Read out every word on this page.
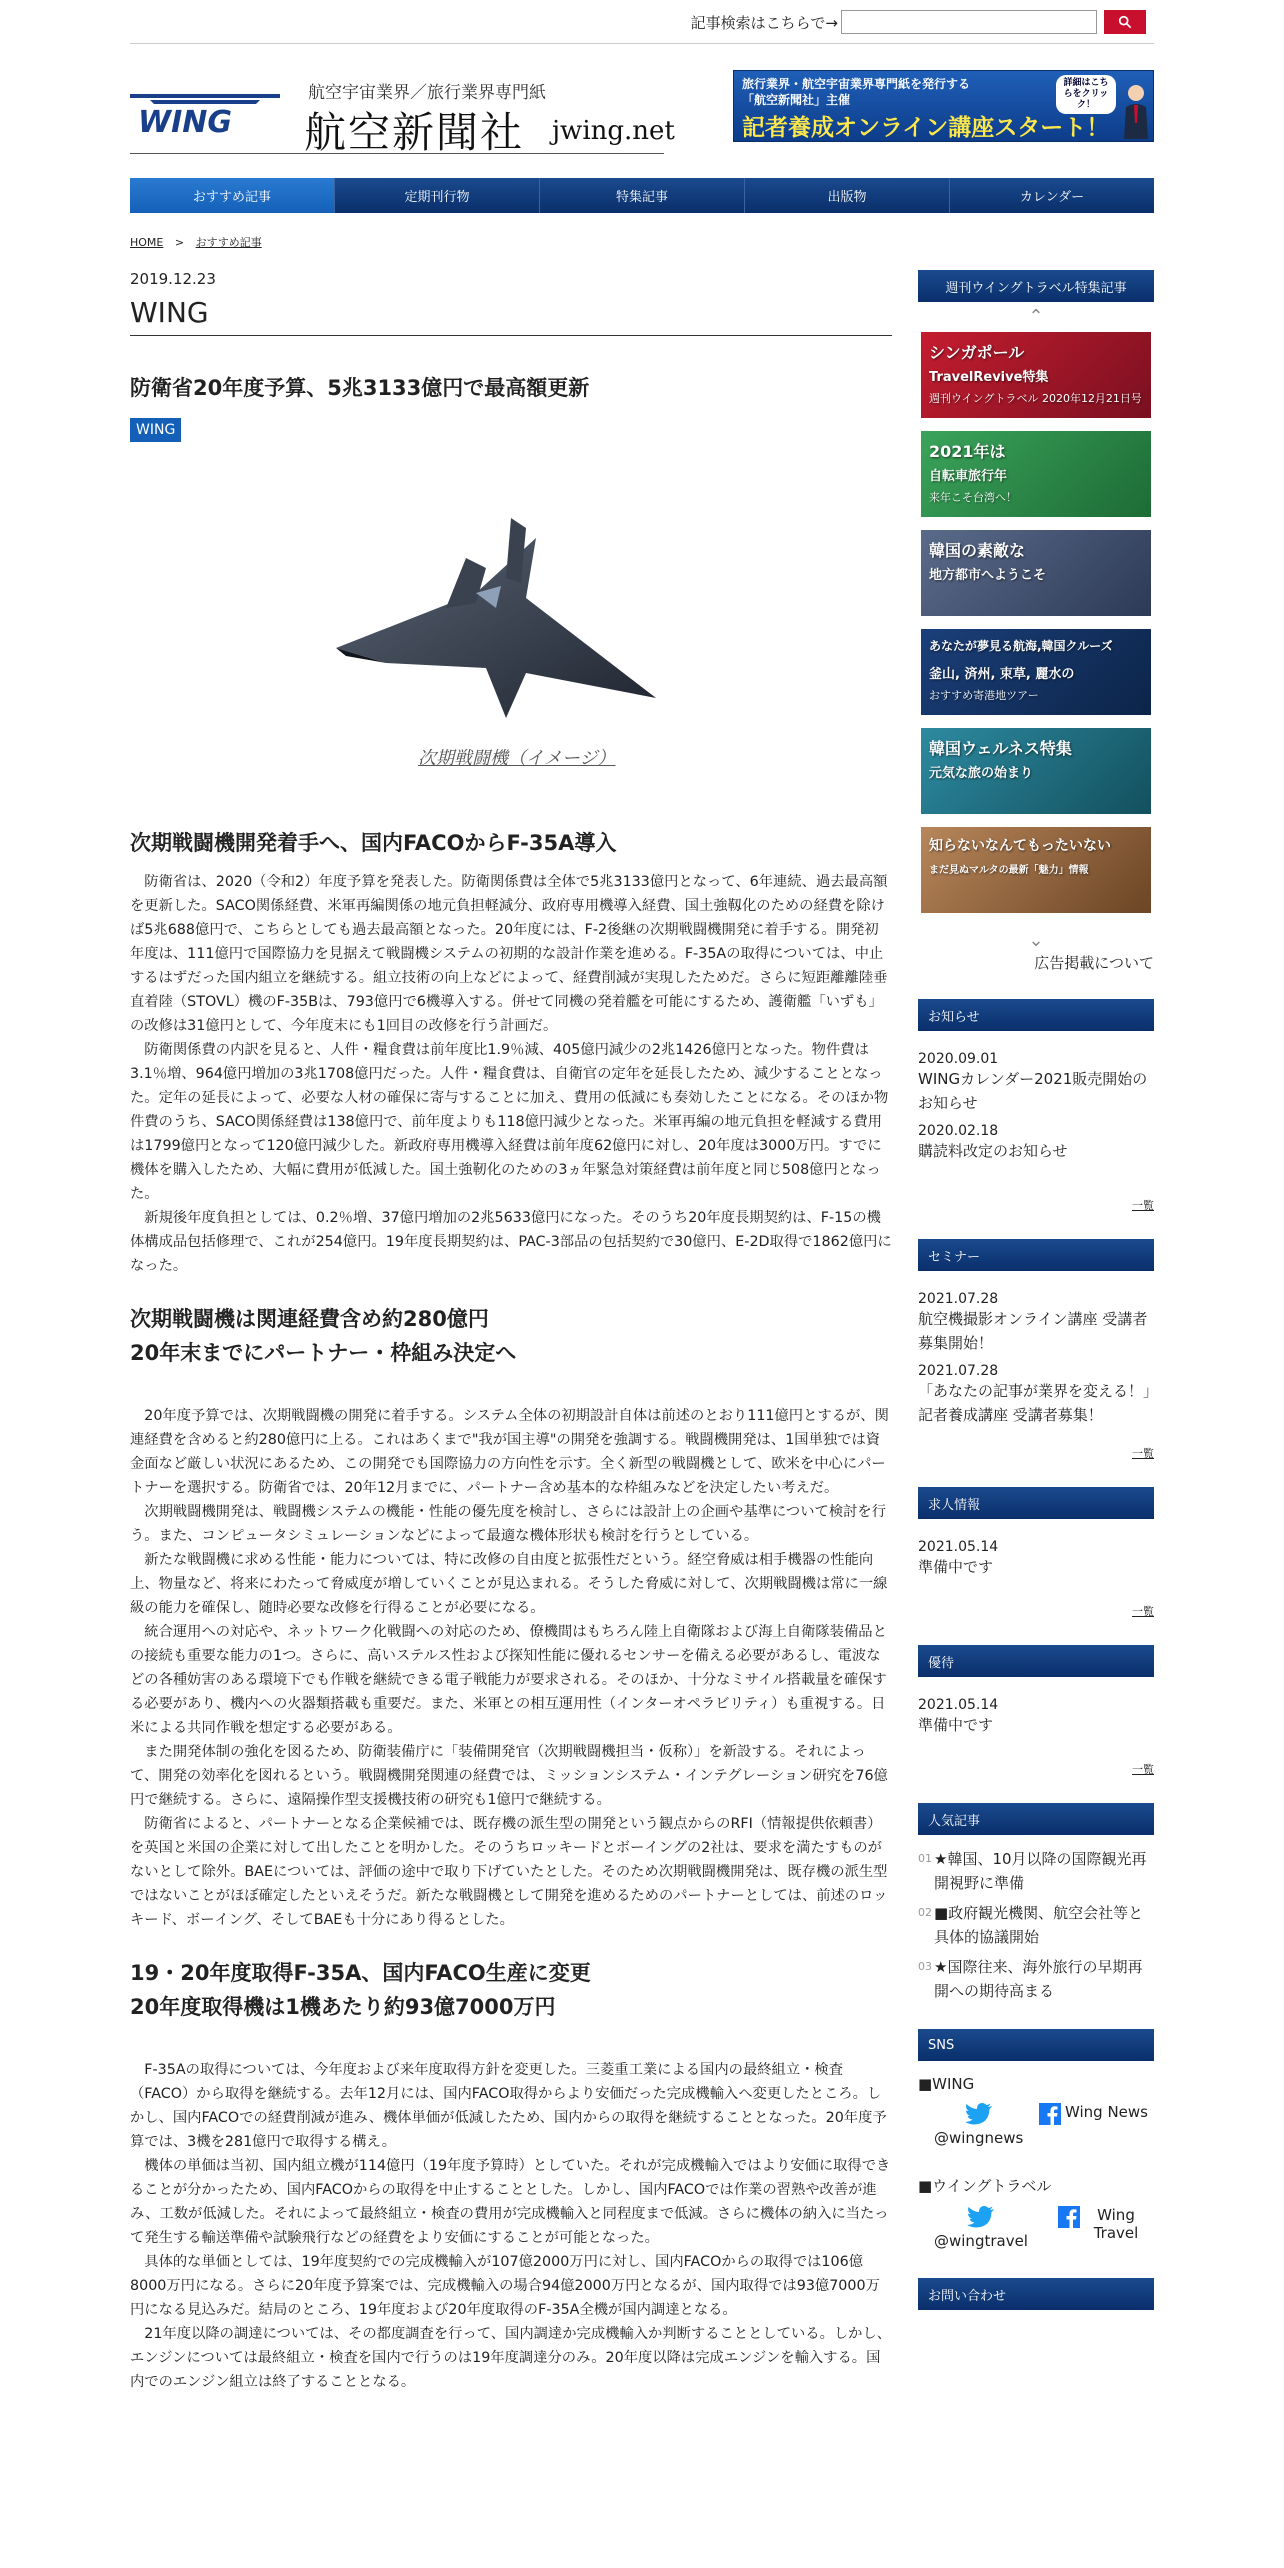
記事検索はこちらで→
WING
航空宇宙業界／旅行業界専門紙
航空新聞社 jwing.net
旅行業界・航空宇宙業界専門紙を発行する
「航空新聞社」主催
記者養成オンライン講座スタート！
詳細はこちらをクリック！
おすすめ記事	定期刊行物	特集記事	出版物	カレンダー
HOME > おすすめ記事
2019.12.23
WING
防衛省20年度予算、5兆3133億円で最高額更新
WING
次期戦闘機（イメージ）
次期戦闘機開発着手へ、国内FACOからF-35A導入

防衛省は、2020（令和2）年度予算を発表した。防衛関係費は全体で5兆3133億円となって、6年連続、過去最高額を更新した。SACO関係経費、米軍再編関係の地元負担軽減分、政府専用機導入経費、国土強靱化のための経費を除けば5兆688億円で、こちらとしても過去最高額となった。20年度には、F-2後継の次期戦闘機開発に着手する。開発初年度は、111億円で国際協力を見据えて戦闘機システムの初期的な設計作業を進める。F-35Aの取得については、中止するはずだった国内組立を継続する。組立技術の向上などによって、経費削減が実現したためだ。さらに短距離離陸垂直着陸（STOVL）機のF-35Bは、793億円で6機導入する。併せて同機の発着艦を可能にするため、護衛艦「いずも」の改修は31億円として、今年度末にも1回目の改修を行う計画だ。

防衛関係費の内訳を見ると、人件・糧食費は前年度比1.9％減、405億円減少の2兆1426億円となった。物件費は3.1％増、964億円増加の3兆1708億円だった。人件・糧食費は、自衛官の定年を延長したため、減少することとなった。定年の延長によって、必要な人材の確保に寄与することに加え、費用の低減にも奏効したことになる。そのほか物件費のうち、SACO関係経費は138億円で、前年度よりも118億円減少となった。米軍再編の地元負担を軽減する費用は1799億円となって120億円減少した。新政府専用機導入経費は前年度62億円に対し、20年度は3000万円。すでに機体を購入したため、大幅に費用が低減した。国土強靭化のための3ヵ年緊急対策経費は前年度と同じ508億円となった。

新規後年度負担としては、0.2％増、37億円増加の2兆5633億円になった。そのうち20年度長期契約は、F-15の機体構成品包括修理で、これが254億円。19年度長期契約は、PAC-3部品の包括契約で30億円、E-2D取得で1862億円になった。

次期戦闘機は関連経費含め約280億円
20年末までにパートナー・枠組み決定へ

20年度予算では、次期戦闘機の開発に着手する。システム全体の初期設計自体は前述のとおり111億円とするが、関連経費を含めると約280億円に上る。これはあくまで"我が国主導"の開発を強調する。戦闘機開発は、1国単独では資金面など厳しい状況にあるため、この開発でも国際協力の方向性を示す。全く新型の戦闘機として、欧米を中心にパートナーを選択する。防衛省では、20年12月までに、パートナー含め基本的な枠組みなどを決定したい考えだ。

次期戦闘機開発は、戦闘機システムの機能・性能の優先度を検討し、さらには設計上の企画や基準について検討を行う。また、コンピュータシミュレーションなどによって最適な機体形状も検討を行うとしている。

新たな戦闘機に求める性能・能力については、特に改修の自由度と拡張性だという。経空脅威は相手機器の性能向上、物量など、将来にわたって脅威度が増していくことが見込まれる。そうした脅威に対して、次期戦闘機は常に一線級の能力を確保し、随時必要な改修を行得ることが必要になる。

統合運用への対応や、ネットワーク化戦闘への対応のため、僚機間はもちろん陸上自衛隊および海上自衛隊装備品との接続も重要な能力の1つ。さらに、高いステルス性および探知性能に優れるセンサーを備える必要があるし、電波などの各種妨害のある環境下でも作戦を継続できる電子戦能力が要求される。そのほか、十分なミサイル搭載量を確保する必要があり、機内への火器類搭載も重要だ。また、米軍との相互運用性（インターオペラビリティ）も重視する。日米による共同作戦を想定する必要がある。

また開発体制の強化を図るため、防衛装備庁に「装備開発官（次期戦闘機担当・仮称）」を新設する。それによって、開発の効率化を図れるという。戦闘機開発関連の経費では、ミッションシステム・インテグレーション研究を76億円で継続する。さらに、遠隔操作型支援機技術の研究も1億円で継続する。

防衛省によると、パートナーとなる企業候補では、既存機の派生型の開発という観点からのRFI（情報提供依頼書）を英国と米国の企業に対して出したことを明かした。そのうちロッキードとボーイングの2社は、要求を満たすものがないとして除外。BAEについては、評価の途中で取り下げていたとした。そのため次期戦闘機開発は、既存機の派生型ではないことがほぼ確定したといえそうだ。新たな戦闘機として開発を進めるためのパートナーとしては、前述のロッキード、ボーイング、そしてBAEも十分にあり得るとした。

19・20年度取得F-35A、国内FACO生産に変更
20年度取得機は1機あたり約93億7000万円

F-35Aの取得については、今年度および来年度取得方針を変更した。三菱重工業による国内の最終組立・検査（FACO）から取得を継続する。去年12月には、国内FACO取得からより安価だった完成機輸入へ変更したところ。しかし、国内FACOでの経費削減が進み、機体単価が低減したため、国内からの取得を継続することとなった。20年度予算では、3機を281億円で取得する構え。

機体の単価は当初、国内組立機が114億円（19年度予算時）としていた。それが完成機輸入ではより安価に取得できることが分かったため、国内FACOからの取得を中止することとした。しかし、国内FACOでは作業の習熟や改善が進み、工数が低減した。それによって最終組立・検査の費用が完成機輸入と同程度まで低減。さらに機体の納入に当たって発生する輸送準備や試験飛行などの経費をより安価にすることが可能となった。

具体的な単価としては、19年度契約での完成機輸入が107億2000万円に対し、国内FACOからの取得では106億8000万円になる。さらに20年度予算案では、完成機輸入の場合94億2000万円となるが、国内取得では93億7000万円になる見込みだ。結局のところ、19年度および20年度取得のF-35A全機が国内調達となる。

21年度以降の調達については、その都度調査を行って、国内調達か完成機輸入か判断することとしている。しかし、エンジンについては最終組立・検査を国内で行うのは19年度調達分のみ。20年度以降は完成エンジンを輸入する。国内でのエンジン組立は終了することとなる。

週刊ウイングトラベル特集記事
⌃
シンガポール
TravelRevive特集
週刊ウイングトラベル 2020年12月21日号
2021年は
自転車旅行年
来年こそ台湾へ！
韓国の素敵な
地方都市へようこそ
あなたが夢見る航海,韓国クルーズ
釜山, 済州, 束草, 麗水の
おすすめ寄港地ツアー
韓国ウェルネス特集
元気な旅の始まり
知らないなんてもったいない
まだ見ぬマルタの最新「魅力」情報
⌄
広告掲載について
お知らせ
2020.09.01
WINGカレンダー2021販売開始のお知らせ
2020.02.18
購読料改定のお知らせ
一覧
セミナー
2021.07.28
航空機撮影オンライン講座 受講者募集開始！
2021.07.28
「あなたの記事が業界を変える！」記者養成講座 受講者募集！
一覧
求人情報
2021.05.14
準備中です
一覧
優待
2021.05.14
準備中です
一覧
人気記事
01 ★韓国、10月以降の国際観光再開視野に準備
02 ■政府観光機関、航空会社等と具体的協議開始
03 ★国際往来、海外旅行の早期再開への期待高まる
SNS
■WING
@wingnews
Wing News
■ウイングトラベル
@wingtravel
Wing Travel
お問い合わせ
